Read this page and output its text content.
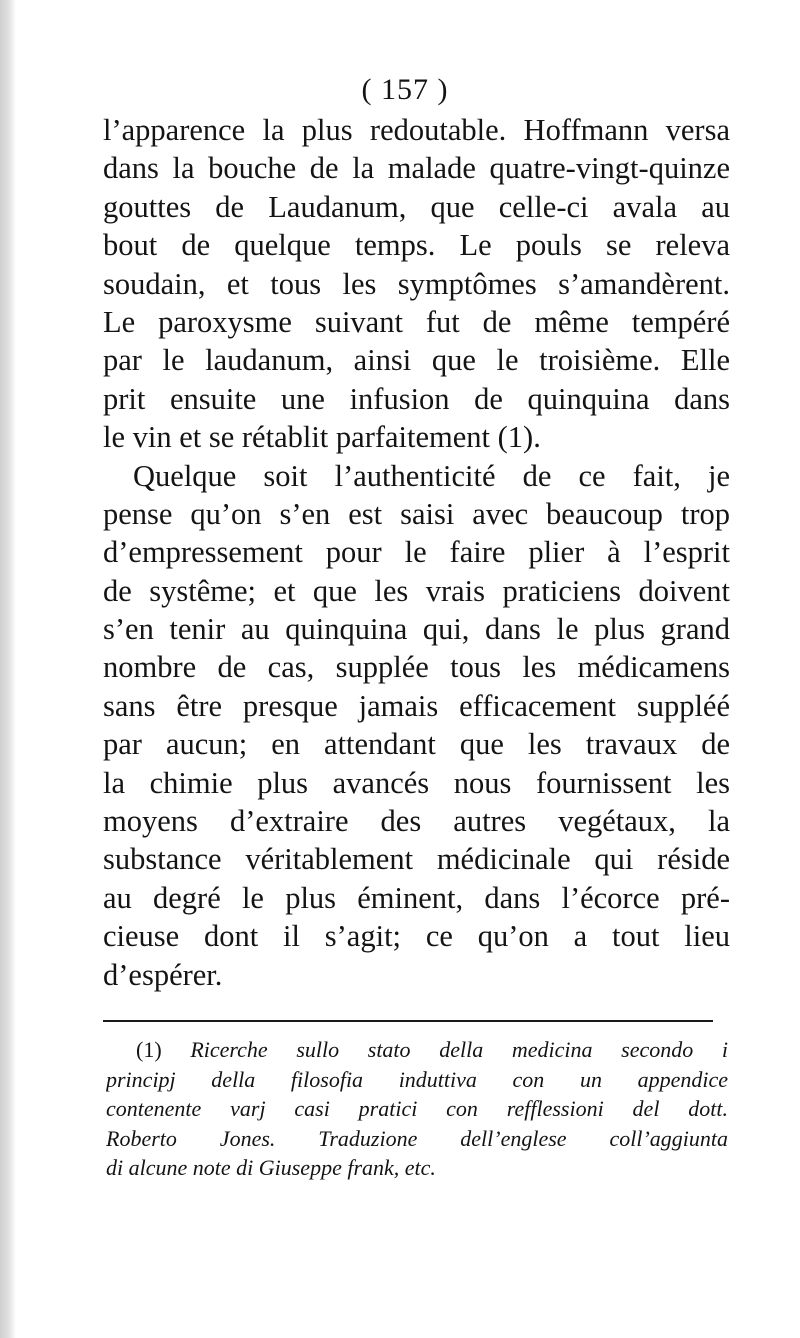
( 157 )
l’apparence la plus redoutable. Hoffmann versa
dans la bouche de la malade quatre-vingt-quinze
gouttes de Laudanum, que celle-ci avala au
bout de quelque temps. Le pouls se releva
soudain, et tous les symptômes s’amandèrent.
Le paroxysme suivant fut de même tempéré
par le laudanum, ainsi que le troisième. Elle
prit ensuite une infusion de quinquina dans
le vin et se rétablit parfaitement (1).
Quelque soit l’authenticité de ce fait, je
pense qu’on s’en est saisi avec beaucoup trop
d’empressement pour le faire plier à l’esprit
de systême; et que les vrais praticiens doivent
s’en tenir au quinquina qui, dans le plus grand
nombre de cas, supplée tous les médicamens
sans être presque jamais efficacement suppléé
par aucun; en attendant que les travaux de
la chimie plus avancés nous fournissent les
moyens d’extraire des autres vegétaux, la
substance véritablement médicinale qui réside
au degré le plus éminent, dans l’écorce pré-
cieuse dont il s’agit; ce qu’on a tout lieu
d’espérer.
(1) Ricerche sullo stato della medicina secondo i
principj della filosofia induttiva con un appendice
contenente varj casi pratici con refflessioni del dott.
Roberto Jones. Traduzione dell’englese coll’aggiunta
di alcune note di Giuseppe frank, etc.
